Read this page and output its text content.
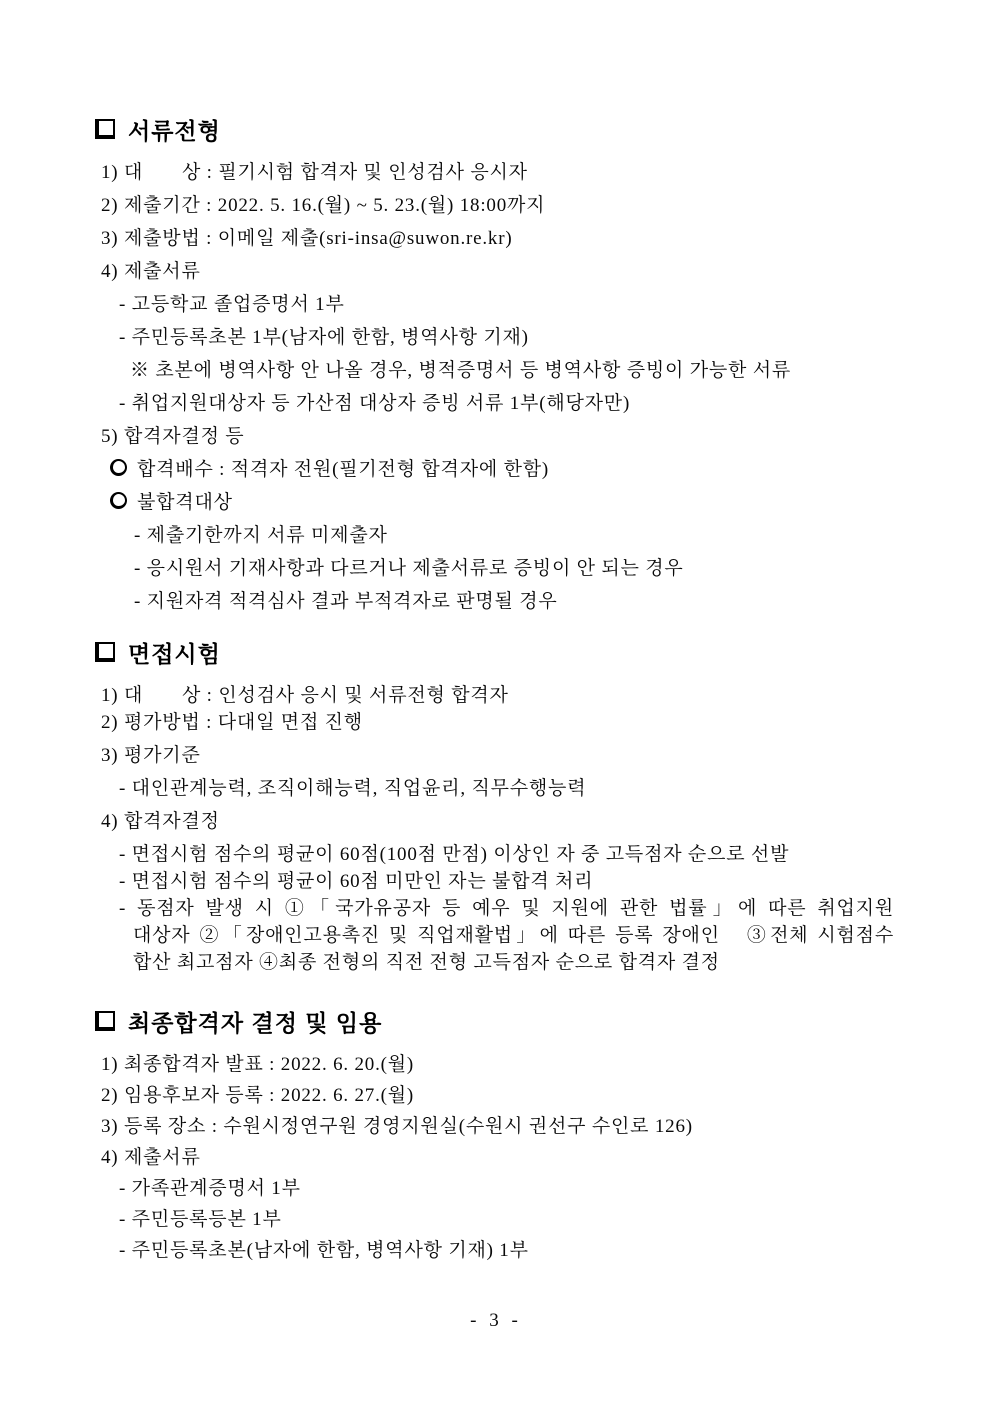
서류전형
1) 대       상 : 필기시험 합격자 및 인성검사 응시자
2) 제출기간 : 2022. 5. 16.(월) ~ 5. 23.(월) 18:00까지
3) 제출방법 : 이메일 제출(sri-insa@suwon.re.kr)
4) 제출서류
- 고등학교 졸업증명서 1부
- 주민등록초본 1부(남자에 한함, 병역사항 기재)
※ 초본에 병역사항 안 나올 경우, 병적증명서 등 병역사항 증빙이 가능한 서류
- 취업지원대상자 등 가산점 대상자 증빙 서류 1부(해당자만)
5) 합격자결정 등
합격배수 : 적격자 전원(필기전형 합격자에 한함)
불합격대상
- 제출기한까지 서류 미제출자
- 응시원서 기재사항과 다르거나 제출서류로 증빙이 안 되는 경우
- 지원자격 적격심사 결과 부적격자로 판명될 경우
면접시험
1) 대       상 : 인성검사 응시 및 서류전형 합격자
2) 평가방법 : 다대일 면접 진행
3) 평가기준
- 대인관계능력, 조직이해능력, 직업윤리, 직무수행능력
4) 합격자결정
- 면접시험 점수의 평균이 60점(100점 만점) 이상인 자 중 고득점자 순으로 선발
- 면접시험 점수의 평균이 60점 미만인 자는 불합격 처리
- 동점자 발생 시 ①「국가유공자 등 예우 및 지원에 관한 법률」에 따른 취업지원
대상자 ②「장애인고용촉진 및 직업재활법」에 따른 등록 장애인   ③전체 시험점수
합산 최고점자 ④최종 전형의 직전 전형 고득점자 순으로 합격자 결정
최종합격자 결정 및 임용
1) 최종합격자 발표 : 2022. 6. 20.(월)
2) 임용후보자 등록 : 2022. 6. 27.(월)
3) 등록 장소 : 수원시정연구원 경영지원실(수원시 권선구 수인로 126)
4) 제출서류
- 가족관계증명서 1부
- 주민등록등본 1부
- 주민등록초본(남자에 한함, 병역사항 기재) 1부
- 3 -
